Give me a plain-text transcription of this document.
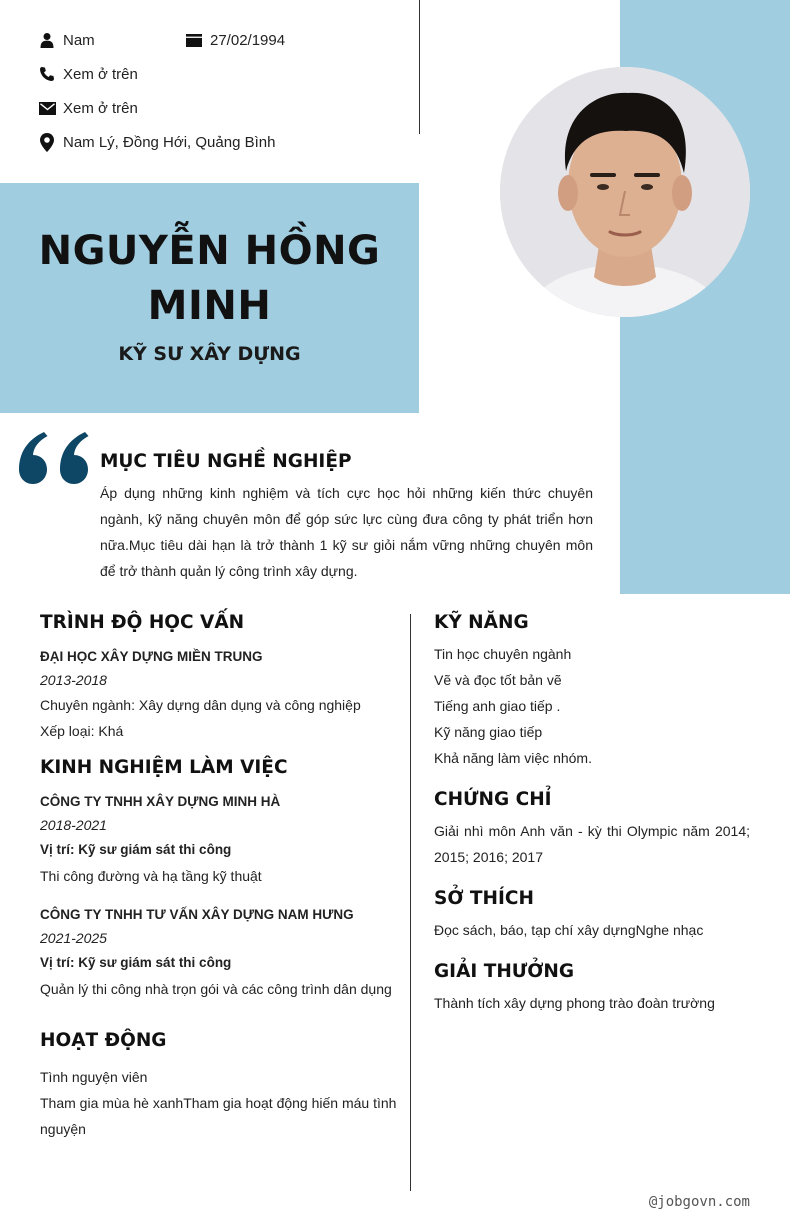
Nam	27/02/1994
Xem ở trên
Xem ở trên
Nam Lý, Đồng Hới, Quảng Bình
NGUYỄN HỒNG
MINH
KỸ SƯ XÂY DỰNG
MỤC TIÊU NGHỀ NGHIỆP
Áp dụng những kinh nghiệm và tích cực học hỏi những kiến thức chuyên ngành, kỹ năng chuyên môn để góp sức lực cùng đưa công ty phát triển hơn nữa.Mục tiêu dài hạn là trở thành 1 kỹ sư giỏi nắm vững những chuyên môn để trở thành quản lý công trình xây dựng.
TRÌNH ĐỘ HỌC VẤN
ĐẠI HỌC XÂY DỰNG MIỀN TRUNG
2013-2018
Chuyên ngành: Xây dựng dân dụng và công nghiệp
Xếp loại: Khá
KINH NGHIỆM LÀM VIỆC
CÔNG TY TNHH XÂY DỰNG MINH HÀ
2018-2021
Vị trí: Kỹ sư giám sát thi công
Thi công đường và hạ tầng kỹ thuật
CÔNG TY TNHH TƯ VẤN XÂY DỰNG NAM HƯNG
2021-2025
Vị trí: Kỹ sư giám sát thi công
Quản lý thi công nhà trọn gói và các công trình dân dụng
HOẠT ĐỘNG
Tình nguyện viên
Tham gia mùa hè xanhTham gia hoạt động hiến máu tình nguyện
KỸ NĂNG
Tin học chuyên ngành
Vẽ và đọc tốt bản vẽ
Tiếng anh giao tiếp .
Kỹ năng giao tiếp
Khả năng làm việc nhóm.
CHỨNG CHỈ
Giải nhì môn Anh văn - kỳ thi Olympic năm 2014; 2015; 2016; 2017
SỞ THÍCH
Đọc sách, báo, tạp chí xây dựngNghe nhạc
GIẢI THƯỞNG
Thành tích xây dựng phong trào đoàn trường
@jobgovn.com
